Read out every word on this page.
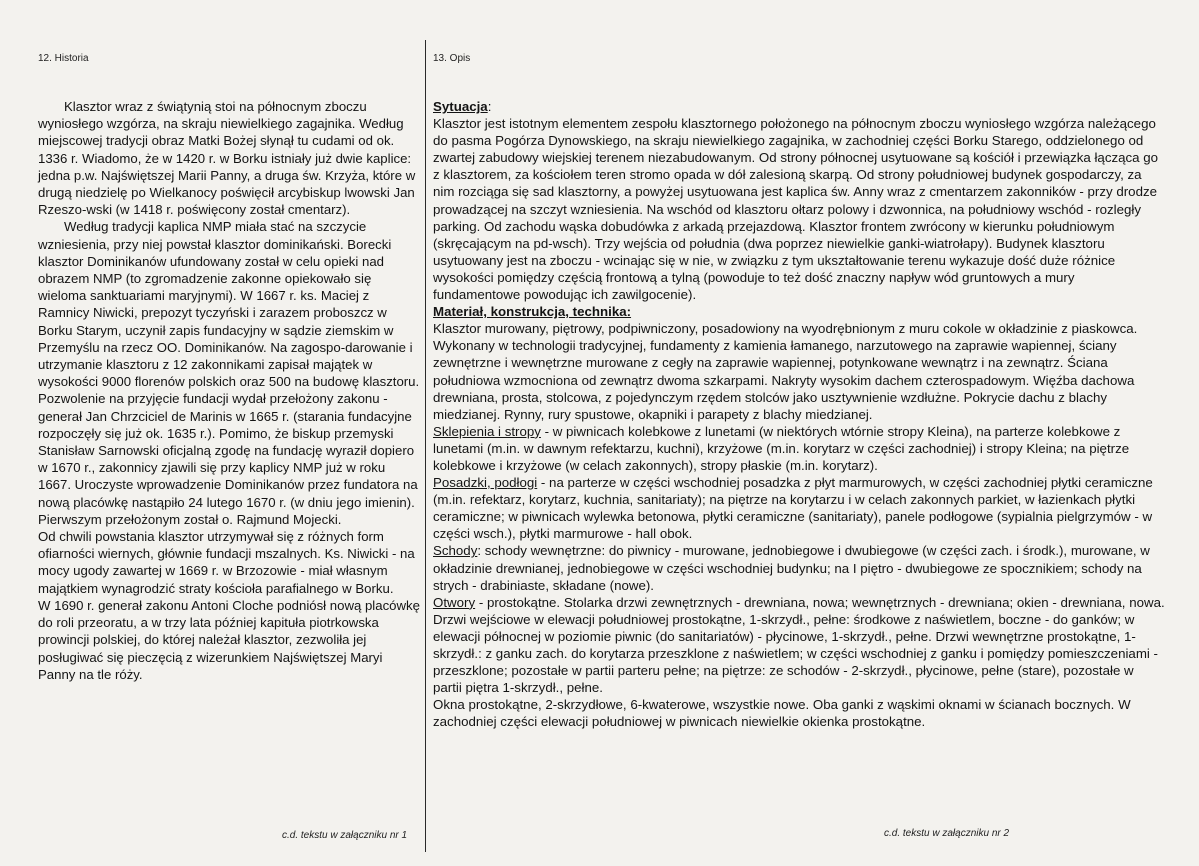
12. Historia	13. Opis

Klasztor wraz z świątynią stoi na północnym zboczu wyniosłego wzgórza, na skraju niewielkiego zagajnika. Według miejscowej tradycji obraz Matki Bożej słynął tu cudami od ok. 1336 r. Wiadomo, że w 1420 r. w Borku istniały już dwie kaplice: jedna p.w. Najświętszej Marii Panny, a druga św. Krzyża, które w drugą niedzielę po Wielkanocy poświęcił arcybiskup lwowski Jan Rzeszo-wski (w 1418 r. poświęcony został cmentarz).

Według tradycji kaplica NMP miała stać na szczycie wzniesienia, przy niej powstał klasztor dominikański. Borecki klasztor Dominikanów ufundowany został w celu opieki nad obrazem NMP (to zgromadzenie zakonne opiekowało się wieloma sanktuariami maryjnymi). W 1667 r. ks. Maciej z Ramnicy Niwicki, prepozyt tyczyński i zarazem proboszcz w Borku Starym, uczynił zapis fundacyjny w sądzie ziemskim w Przemyślu na rzecz OO. Dominikanów. Na zagospo-darowanie i utrzymanie klasztoru z 12 zakonnikami zapisał majątek w wysokości 9000 florenów polskich oraz 500 na budowę klasztoru. Pozwolenie na przyjęcie fundacji wydał przełożony zakonu - generał Jan Chrzciciel de Marinis w 1665 r. (starania fundacyjne rozpoczęły się już ok. 1635 r.). Pomimo, że biskup przemyski Stanisław Sarnowski oficjalną zgodę na fundację wyraził dopiero w 1670 r., zakonnicy zjawili się przy kaplicy NMP już w roku 1667. Uroczyste wprowadzenie Dominikanów przez fundatora na nową placówkę nastąpiło 24 lutego 1670 r. (w dniu jego imienin). Pierwszym przełożonym został o. Rajmund Mojecki.

Od chwili powstania klasztor utrzymywał się z różnych form ofiarności wiernych, głównie fundacji mszalnych. Ks. Niwicki - na mocy ugody zawartej w 1669 r. w Brzozowie - miał własnym majątkiem wynagrodzić straty kościoła parafialnego w Borku.

W 1690 r. generał zakonu Antoni Cloche podniósł nową placówkę do roli przeoratu, a w trzy lata później kapituła piotrkowska prowincji polskiej, do której należał klasztor, zezwoliła jej posługiwać się pieczęcią z wizerunkiem Najświętszej Maryi Panny na tle róży.

c.d. tekstu w załączniku nr 1

Sytuacja:

Klasztor jest istotnym elementem zespołu klasztornego położonego na północnym zboczu wyniosłego wzgórza należącego do pasma Pogórza Dynowskiego, na skraju niewielkiego zagajnika, w zachodniej części Borku Starego, oddzielonego od zwartej zabudowy wiejskiej terenem niezabudowanym. Od strony północnej usytuowane są kościół i przewiązka łącząca go z klasztorem, za kościołem teren stromo opada w dół zalesioną skarpą. Od strony południowej budynek gospodarczy, za nim rozciąga się sad klasztorny, a powyżej usytuowana jest kaplica św. Anny wraz z cmentarzem zakonników - przy drodze prowadzącej na szczyt wzniesienia. Na wschód od klasztoru ołtarz polowy i dzwonnica, na południowy wschód - rozległy parking. Od zachodu wąska dobudówka z arkadą przejazdową. Klasztor frontem zwrócony w kierunku południowym (skręcającym na pd-wsch). Trzy wejścia od południa (dwa poprzez niewielkie ganki-wiatrołapy). Budynek klasztoru usytuowany jest na zboczu - wcinając się w nie, w związku z tym ukształtowanie terenu wykazuje dość duże różnice wysokości pomiędzy częścią frontową a tylną (powoduje to też dość znaczny napływ wód gruntowych a mury fundamentowe powodując ich zawilgocenie).

Materiał, konstrukcja, technika:

Klasztor murowany, piętrowy, podpiwniczony, posadowiony na wyodrębnionym z muru cokole w okładzinie z piaskowca. Wykonany w technologii tradycyjnej, fundamenty z kamienia łamanego, narzutowego na zaprawie wapiennej, ściany zewnętrzne i wewnętrzne murowane z cegły na zaprawie wapiennej, potynkowane wewnątrz i na zewnątrz. Ściana południowa wzmocniona od zewnątrz dwoma szkarpami. Nakryty wysokim dachem czterospadowym. Więźba dachowa drewniana, prosta, stolcowa, z pojedynczym rzędem stolców jako usztywnienie wzdłużne. Pokrycie dachu z blachy miedzianej. Rynny, rury spustowe, okapniki i parapety z blachy miedzianej.

Sklepienia i stropy - w piwnicach kolebkowe z lunetami (w niektórych wtórnie stropy Kleina), na parterze kolebkowe z lunetami (m.in. w dawnym refektarzu, kuchni), krzyżowe (m.in. korytarz w części zachodniej) i stropy Kleina; na piętrze kolebkowe i krzyżowe (w celach zakonnych), stropy płaskie (m.in. korytarz).

Posadzki, podłogi - na parterze w części wschodniej posadzka z płyt marmurowych, w części zachodniej płytki ceramiczne (m.in. refektarz, korytarz, kuchnia, sanitariaty); na piętrze na korytarzu i w celach zakonnych parkiet, w łazienkach płytki ceramiczne; w piwnicach wylewka betonowa, płytki ceramiczne (sanitariaty), panele podłogowe (sypialnia pielgrzymów - w części wsch.), płytki marmurowe - hall obok.

Schody: schody wewnętrzne: do piwnicy - murowane, jednobiegowe i dwubiegowe (w części zach. i środk.), murowane, w okładzinie drewnianej, jednobiegowe w części wschodniej budynku; na I piętro - dwubiegowe ze spocznikiem; schody na strych - drabiniaste, składane (nowe).

Otwory - prostokątne. Stolarka drzwi zewnętrznych - drewniana, nowa; wewnętrznych - drewniana; okien - drewniana, nowa. Drzwi wejściowe w elewacji południowej prostokątne, 1-skrzydł., pełne: środkowe z naświetlem, boczne - do ganków; w elewacji północnej w poziomie piwnic (do sanitariatów) - płycinowe, 1-skrzydł., pełne. Drzwi wewnętrzne prostokątne, 1-skrzydł.: z ganku zach. do korytarza przeszklone z naświetlem; w części wschodniej z ganku i pomiędzy pomieszczeniami - przeszklone; pozostałe w partii parteru pełne; na piętrze: ze schodów - 2-skrzydł., płycinowe, pełne (stare), pozostałe w partii piętra 1-skrzydł., pełne.

Okna prostokątne, 2-skrzydłowe, 6-kwaterowe, wszystkie nowe. Oba ganki z wąskimi oknami w ścianach bocznych. W zachodniej części elewacji południowej w piwnicach niewielkie okienka prostokątne.

c.d. tekstu w załączniku nr 2
